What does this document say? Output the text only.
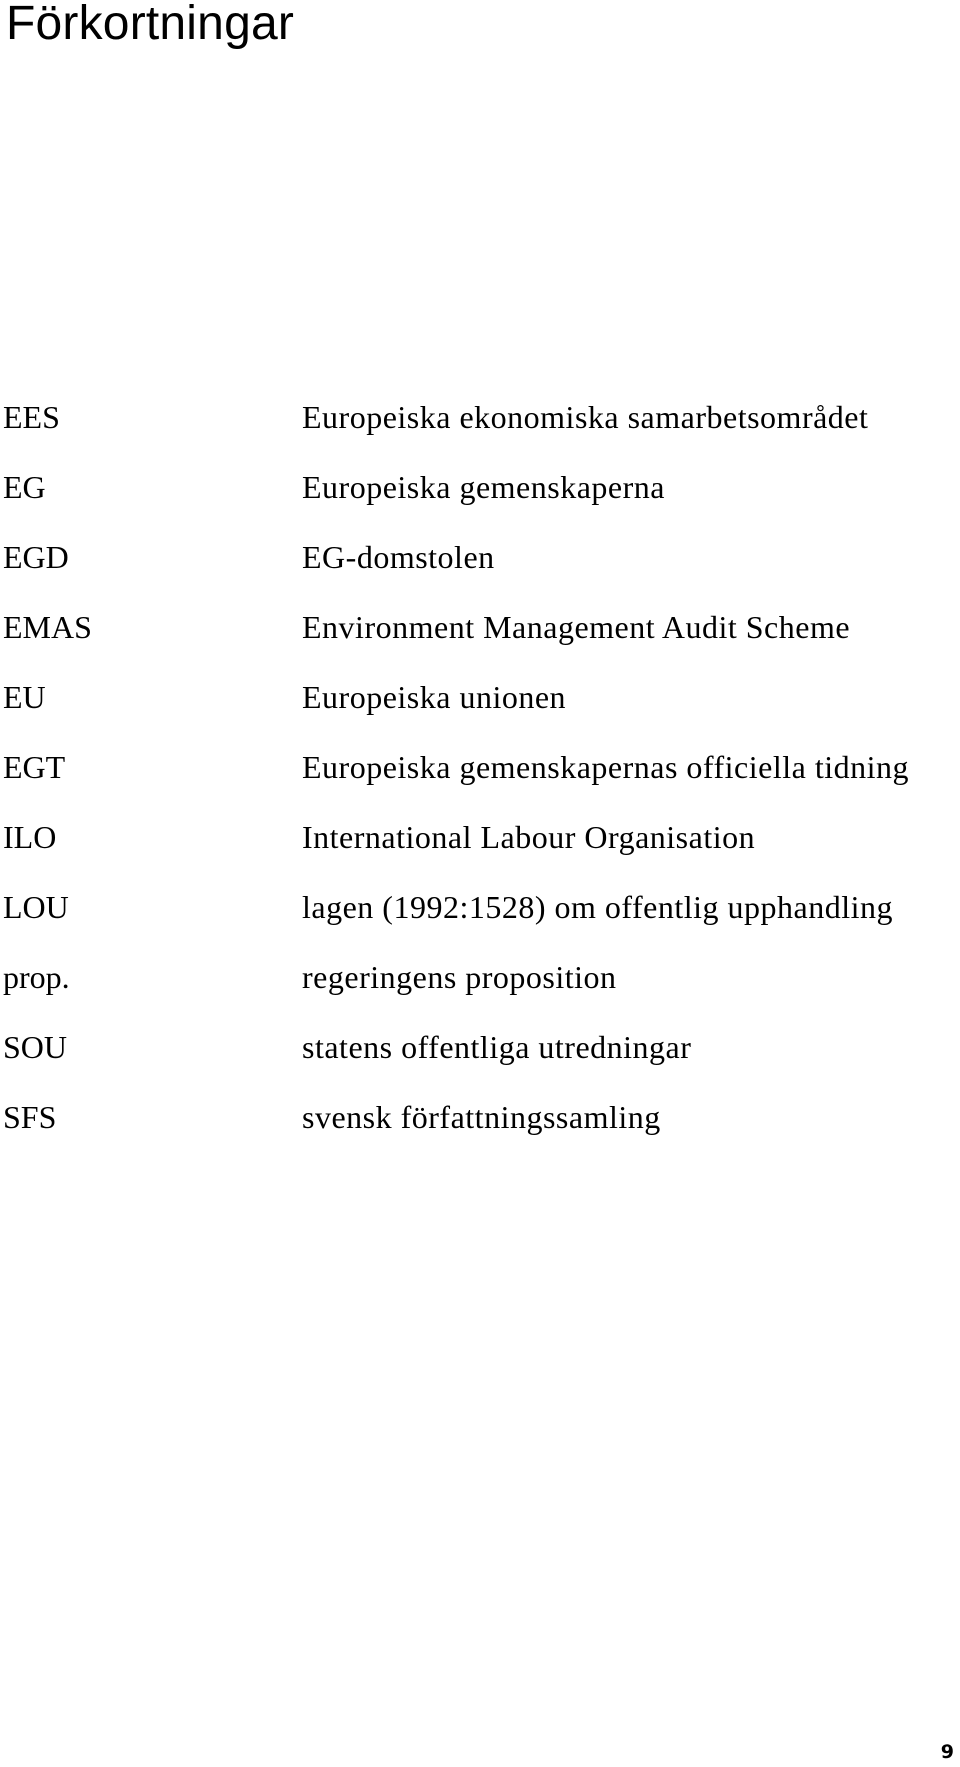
Förkortningar
EES	Europeiska ekonomiska samarbetsområdet
EG	Europeiska gemenskaperna
EGD	EG-domstolen
EMAS	Environment Management Audit Scheme
EU	Europeiska unionen
EGT	Europeiska gemenskapernas officiella tidning
ILO	International Labour Organisation
LOU	lagen (1992:1528) om offentlig upphandling
prop.	regeringens proposition
SOU	statens offentliga utredningar
SFS	svensk författningssamling
9
